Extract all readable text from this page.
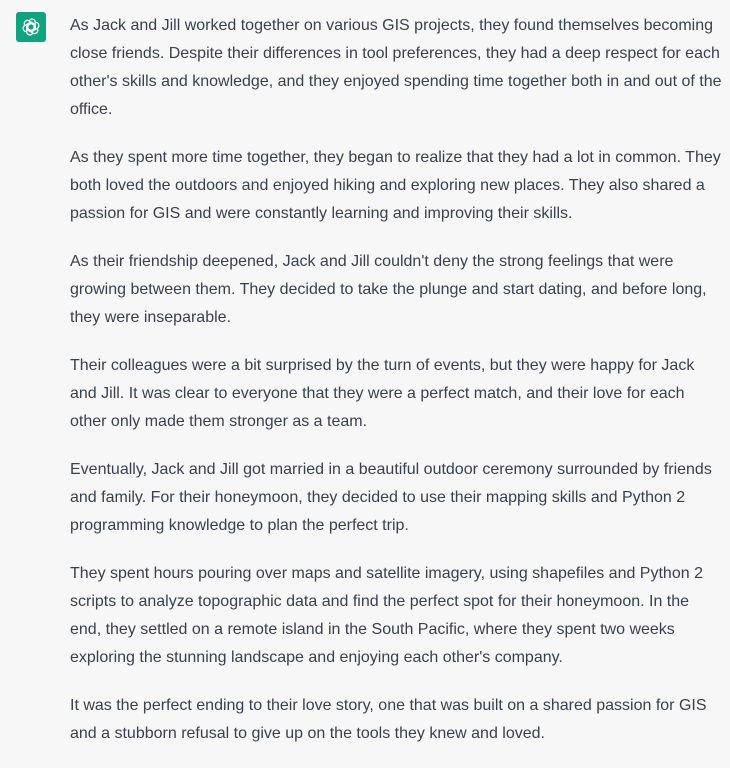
As Jack and Jill worked together on various GIS projects, they found themselves becoming close friends. Despite their differences in tool preferences, they had a deep respect for each other's skills and knowledge, and they enjoyed spending time together both in and out of the office.

As they spent more time together, they began to realize that they had a lot in common. They both loved the outdoors and enjoyed hiking and exploring new places. They also shared a passion for GIS and were constantly learning and improving their skills.

As their friendship deepened, Jack and Jill couldn't deny the strong feelings that were growing between them. They decided to take the plunge and start dating, and before long, they were inseparable.

Their colleagues were a bit surprised by the turn of events, but they were happy for Jack and Jill. It was clear to everyone that they were a perfect match, and their love for each other only made them stronger as a team.

Eventually, Jack and Jill got married in a beautiful outdoor ceremony surrounded by friends and family. For their honeymoon, they decided to use their mapping skills and Python 2 programming knowledge to plan the perfect trip.

They spent hours pouring over maps and satellite imagery, using shapefiles and Python 2 scripts to analyze topographic data and find the perfect spot for their honeymoon. In the end, they settled on a remote island in the South Pacific, where they spent two weeks exploring the stunning landscape and enjoying each other's company.

It was the perfect ending to their love story, one that was built on a shared passion for GIS and a stubborn refusal to give up on the tools they knew and loved.
